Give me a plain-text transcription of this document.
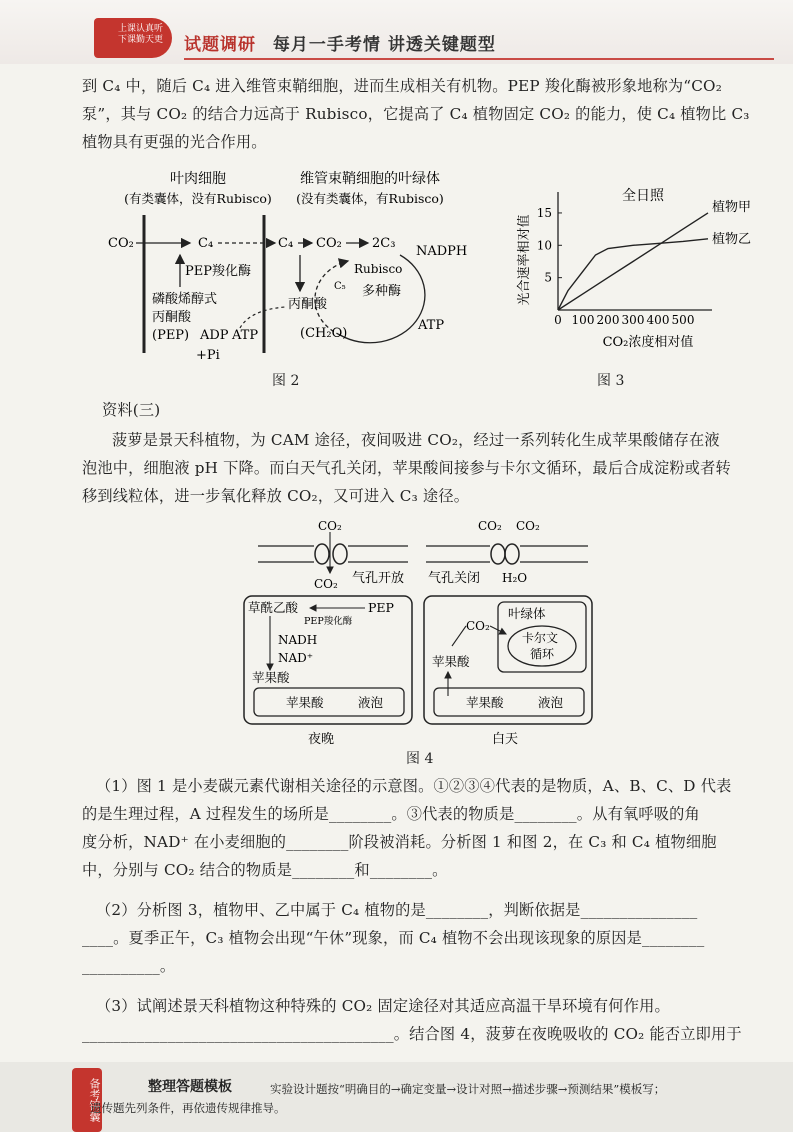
上课认真听
下课勤天更 试题调研 每月一手考情 讲透关键题型
到 C₄ 中，随后 C₄ 进入维管束鞘细胞，进而生成相关有机物。PEP 羧化酶被形象地称为“CO₂
泵”，其与 CO₂ 的结合力远高于 Rubisco，它提高了 C₄ 植物固定 CO₂ 的能力，使 C₄ 植物比 C₃
植物具有更强的光合作用。
叶肉细胞
(有类囊体，没有Rubisco)
维管束鞘细胞的叶绿体
(没有类囊体，有Rubisco)
CO₂	C₄	C₄ CO₂ 2C₃
NADPH
Rubisco
多种酶
C₅
PEP羧化酶
磷酸烯醇式
丙酮酸
(PEP) ADP ATP
+Pi
丙酮酸
(CH₂O)
ATP
图 2
全日照
光合速率相对值
CO₂浓度相对值
0 100 200 300 400 500
5
10
15	植物甲
植物乙
图 3
资料(三)
菠萝是景天科植物，为 CAM 途径，夜间吸进 CO₂，经过一系列转化生成苹果酸储存在液
泡池中，细胞液 pH 下降。而白天气孔关闭，苹果酸间接参与卡尔文循环，最后合成淀粉或者转
移到线粒体，进一步氧化释放 CO₂，又可进入 C₃ 途径。
CO₂
CO₂ 气孔开放
CO₂ CO₂
气孔关闭 H₂O
草酰乙酸	PEP
PEP羧化酶
NADH
NAD⁺
苹果酸
苹果酸	液泡
夜晚
叶绿体
卡尔文
循环
CO₂
苹果酸
苹果酸	液泡
白天
图 4
（1）图 1 是小麦碳元素代谢相关途径的示意图。①②③④代表的是物质，A、B、C、D 代表
的是生理过程，A 过程发生的场所是________。③代表的物质是________。从有氧呼吸的角
度分析，NAD⁺ 在小麦细胞的________阶段被消耗。分析图 1 和图 2，在 C₃ 和 C₄ 植物细胞
中，分别与 CO₂ 结合的物质是________和________。
（2）分析图 3，植物甲、乙中属于 C₄ 植物的是________，判断依据是_______________
____。夏季正午，C₃ 植物会出现“午休”现象，而 C₄ 植物不会出现该现象的原因是________
__________。
（3）试阐述景天科植物这种特殊的 CO₂ 固定途径对其适应高温干旱环境有何作用。
________________________________________。结合图 4，菠萝在夜晚吸收的 CO₂ 能否立即用于
备考锦囊	整理答题模板	实验设计题按“明确目的→确定变量→设计对照→描述步骤→预测结果”模板写；
遗传题先列条件，再依遗传规律推导。
